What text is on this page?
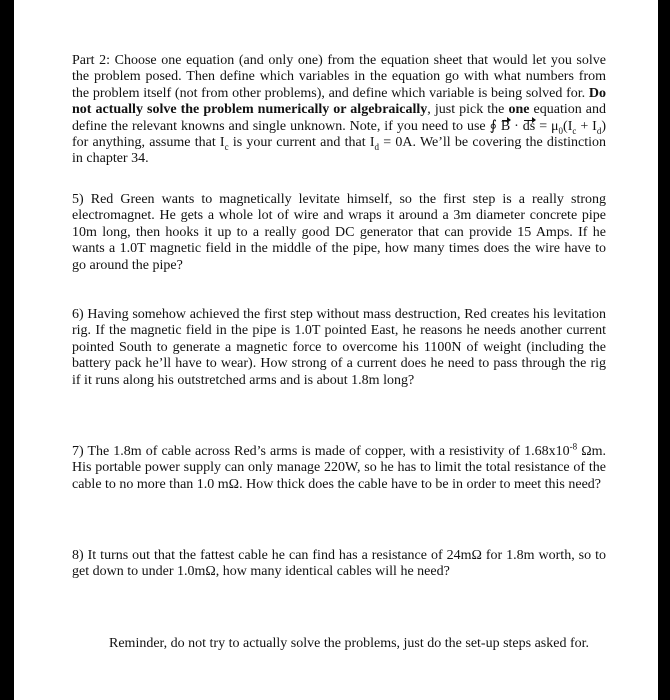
Part 2: Choose one equation (and only one) from the equation sheet that would let you solve the problem posed. Then define which variables in the equation go with what numbers from the problem itself (not from other problems), and define which variable is being solved for. Do not actually solve the problem numerically or algebraically, just pick the one equation and define the relevant knowns and single unknown. Note, if you need to use ∮ B · ds = $\mu_0(I_c + I_d)$ for anything, assume that $I_c$ is your current and that $I_d = 0A$. We’ll be covering the distinction in chapter 34.

5) Red Green wants to magnetically levitate himself, so the first step is a really strong electromagnet. He gets a whole lot of wire and wraps it around a 3m diameter concrete pipe 10m long, then hooks it up to a really good DC generator that can provide 15 Amps. If he wants a 1.0T magnetic field in the middle of the pipe, how many times does the wire have to go around the pipe?

6) Having somehow achieved the first step without mass destruction, Red creates his levitation rig. If the magnetic field in the pipe is 1.0T pointed East, he reasons he needs another current pointed South to generate a magnetic force to overcome his 1100N of weight (including the battery pack he’ll have to wear). How strong of a current does he need to pass through the rig if it runs along his outstretched arms and is about 1.8m long?

7) The 1.8m of cable across Red’s arms is made of copper, with a resistivity of $1.68x10^{-8}$ Ωm. His portable power supply can only manage 220W, so he has to limit the total resistance of the cable to no more than 1.0 mΩ. How thick does the cable have to be in order to meet this need?

8) It turns out that the fattest cable he can find has a resistance of 24mΩ for 1.8m worth, so to get down to under 1.0mΩ, how many identical cables will he need?

Reminder, do not try to actually solve the problems, just do the set-up steps asked for.
